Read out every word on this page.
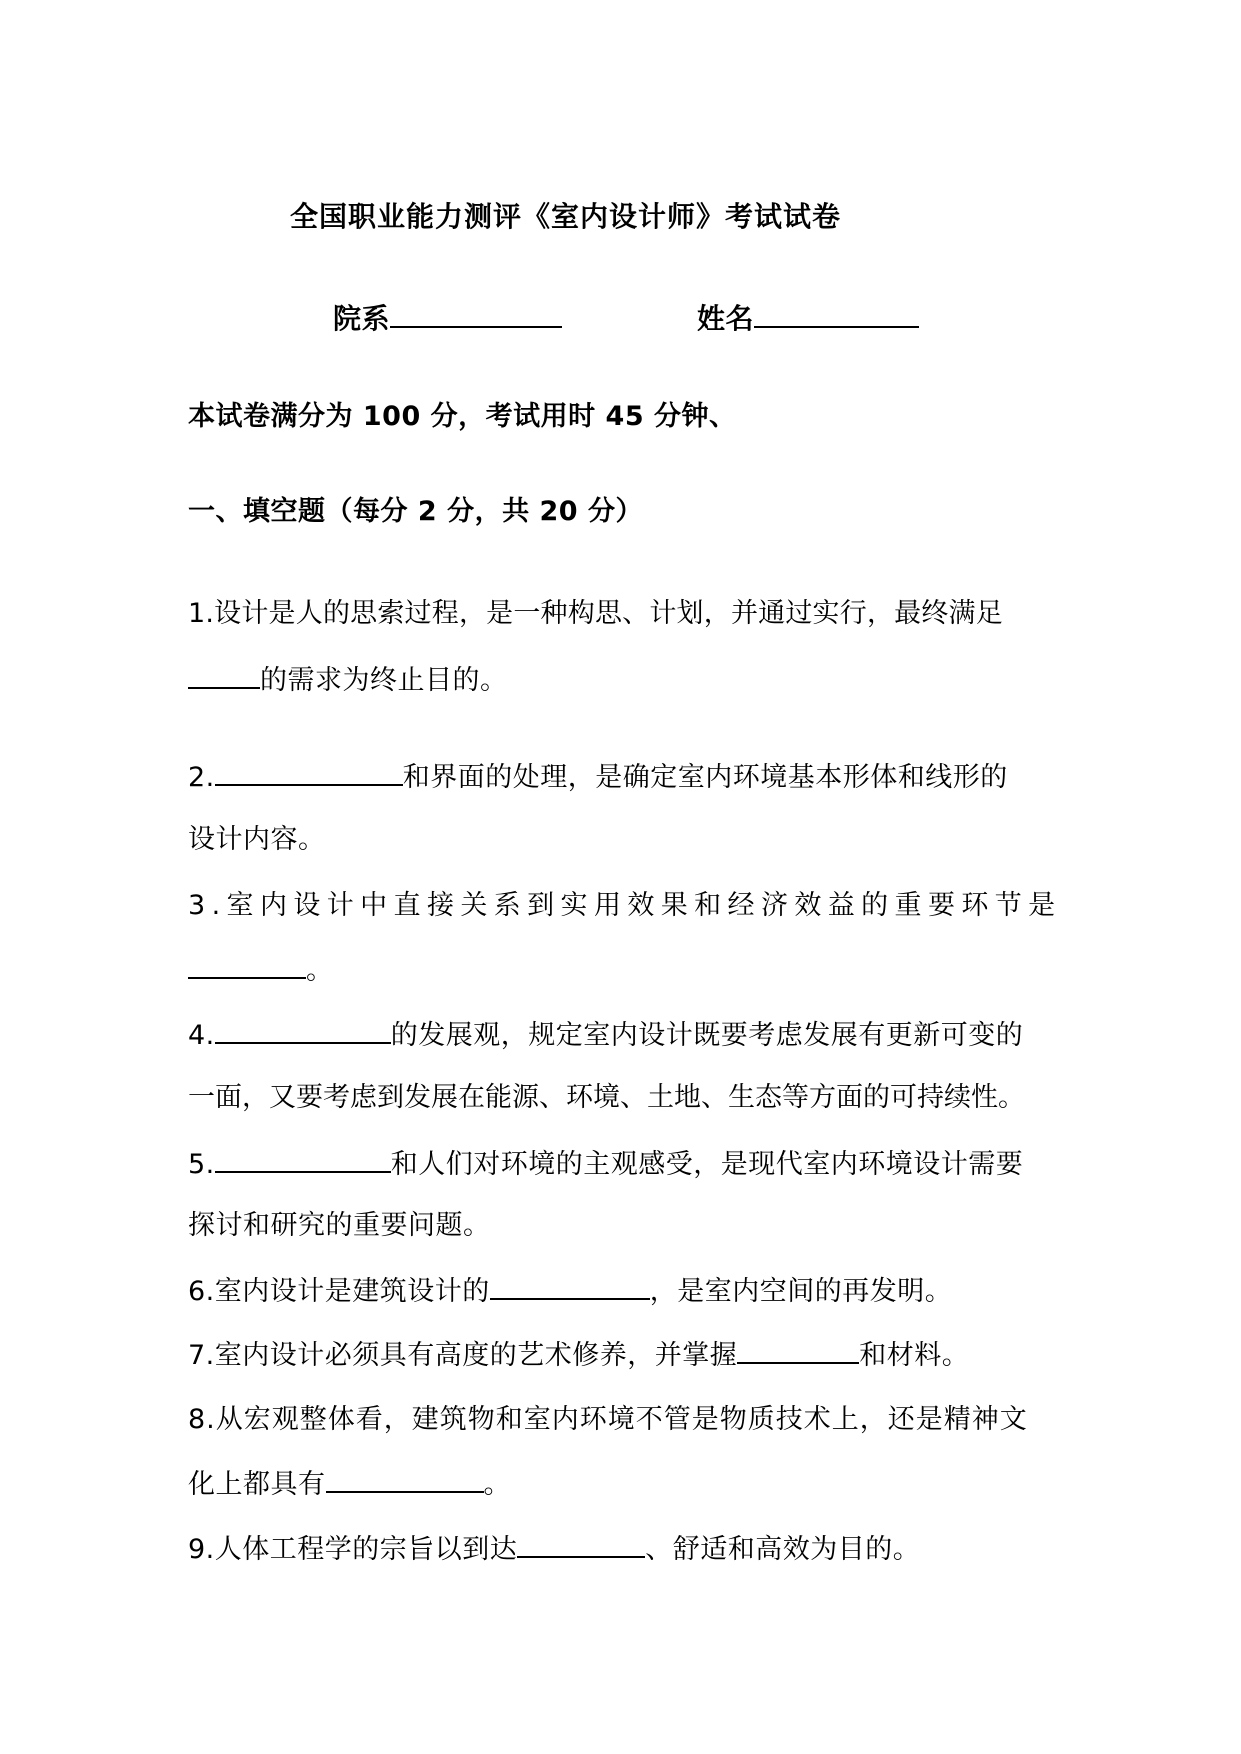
全国职业能力测评《室内设计师》考试试卷
院系	姓名
本试卷满分为 100 分，考试用时 45 分钟、
一、填空题（每分 2 分，共 20 分）
1.设计是人的思索过程，是一种构思、计划，并通过实行，最终满足
的需求为终止目的。
2.	和界面的处理，是确定室内环境基本形体和线形的
设计内容。
3.室内设计中直接关系到实用效果和经济效益的重要环节是
。
4.	的发展观，规定室内设计既要考虑发展有更新可变的
一面，又要考虑到发展在能源、环境、土地、生态等方面的可持续性。
5.	和人们对环境的主观感受，是现代室内环境设计需要
探讨和研究的重要问题。
6.室内设计是建筑设计的	，是室内空间的再发明。
7.室内设计必须具有高度的艺术修养，并掌握	和材料。
8.从宏观整体看，建筑物和室内环境不管是物质技术上，还是精神文
化上都具有	。
9.人体工程学的宗旨以到达	、舒适和高效为目的。
